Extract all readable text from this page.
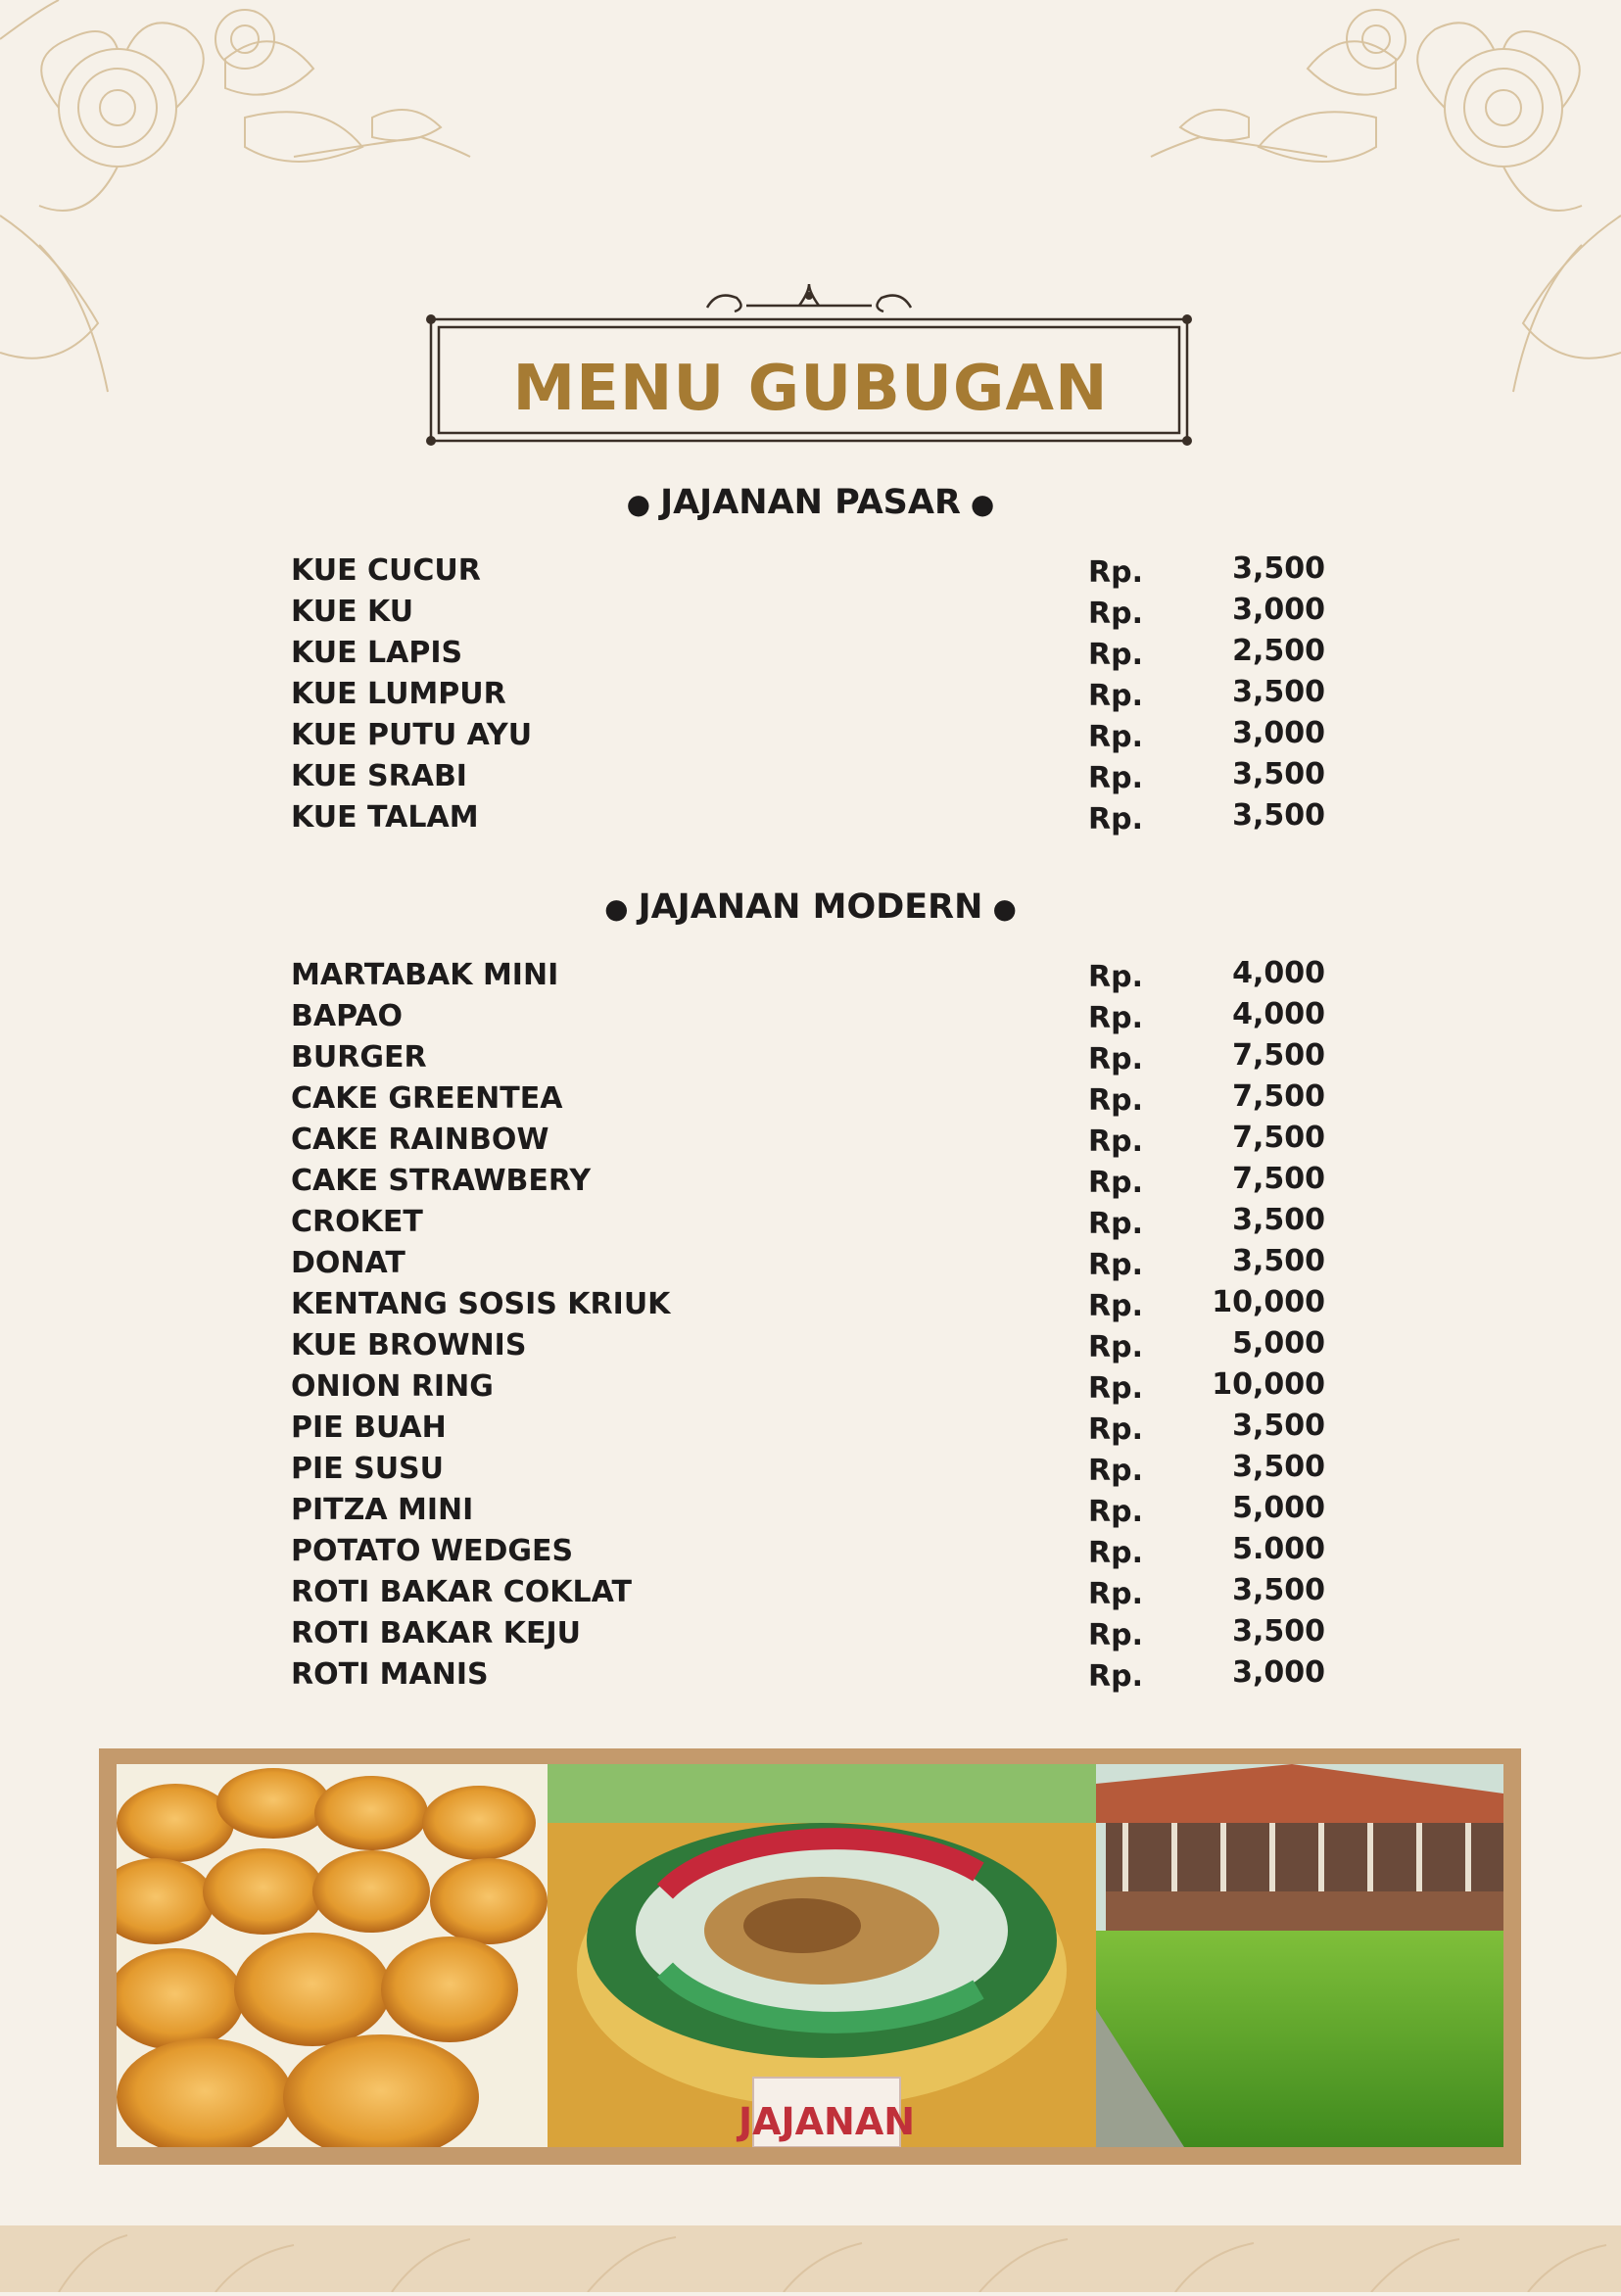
MENU GUBUGAN
● JAJANAN PASAR ●
KUE CUCUR	Rp.	3,500
KUE KU	Rp.	3,000
KUE LAPIS	Rp.	2,500
KUE LUMPUR	Rp.	3,500
KUE PUTU AYU	Rp.	3,000
KUE SRABI	Rp.	3,500
KUE TALAM	Rp.	3,500
● JAJANAN MODERN ●
MARTABAK MINI	Rp.	4,000
BAPAO	Rp.	4,000
BURGER	Rp.	7,500
CAKE GREENTEA	Rp.	7,500
CAKE RAINBOW	Rp.	7,500
CAKE STRAWBERY	Rp.	7,500
CROKET	Rp.	3,500
DONAT	Rp.	3,500
KENTANG SOSIS KRIUK	Rp. 10,000
KUE BROWNIS	Rp.	5,000
ONION RING	Rp. 10,000
PIE BUAH	Rp.	3,500
PIE SUSU	Rp.	3,500
PITZA MINI	Rp.	5,000
POTATO WEDGES	Rp.	5.000
ROTI BAKAR COKLAT	Rp.	3,500
ROTI BAKAR KEJU	Rp.	3,500
ROTI MANIS	Rp.	3,000
JAJANAN
